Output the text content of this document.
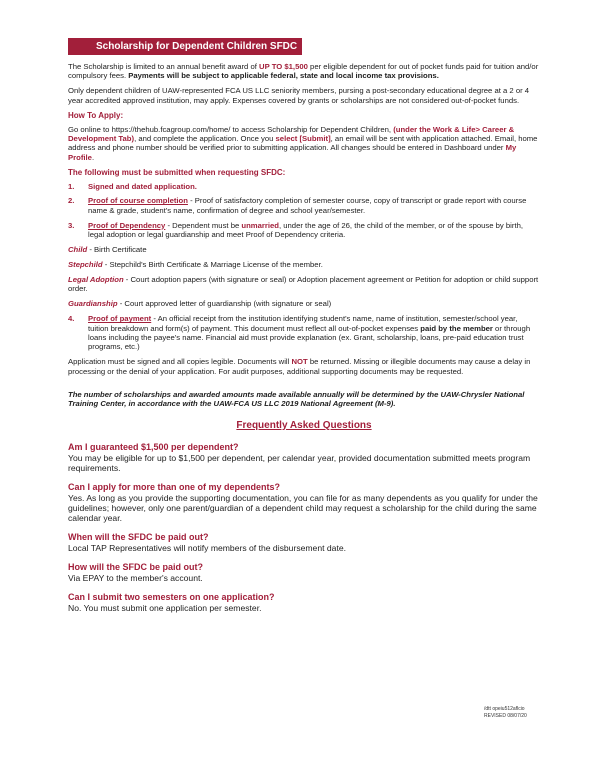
Scholarship for Dependent Children SFDC

The Scholarship is limited to an annual benefit award of UP TO $1,500 per eligible dependent for out of pocket funds paid for tuition and/or compulsory fees. Payments will be subject to applicable federal, state and local income tax provisions.

Only dependent children of UAW-represented FCA US LLC seniority members, pursing a post-secondary educational degree at a 2 or 4 year accredited approved institution, may apply. Expenses covered by grants or scholarships are not considered out-of-pocket funds.

How To Apply:

Go online to https://thehub.fcagroup.com/home/ to access Scholarship for Dependent Children, (under the Work & Life> Career & Development Tab), and complete the application. Once you select [Submit], an email will be sent with application attached. Email, home address and phone number should be verified prior to submitting application. All changes should be entered in Dashboard under My Profile.

The following must be submitted when requesting SFDC:
1.	Signed and dated application.
2.	Proof of course completion - Proof of satisfactory completion of semester course, copy of transcript or grade report with course name & grade, student's name, confirmation of degree and school year/semester.
3.	Proof of Dependency - Dependent must be unmarried, under the age of 26, the child of the member, or of the spouse by birth, legal adoption or legal guardianship and meet Proof of Dependency criteria.

Child - Birth Certificate

Stepchild - Stepchild's Birth Certificate & Marriage License of the member.

Legal Adoption - Court adoption papers (with signature or seal) or Adoption placement agreement or Petition for adoption or child support order.

Guardianship - Court approved letter of guardianship (with signature or seal)

4.	Proof of payment - An official receipt from the institution identifying student's name, name of institution, semester/school year, tuition breakdown and form(s) of payment. This document must reflect all out-of-pocket expenses paid by the member or through loans including the payee's name. Financial aid must provide explanation (ex. Grant, scholarship, loans, pre-paid education trust programs, etc.)

Application must be signed and all copies legible. Documents will NOT be returned. Missing or illegible documents may cause a delay in processing or the denial of your application. For audit purposes, additional supporting documents may be requested.

The number of scholarships and awarded amounts made available annually will be determined by the UAW-Chrysler National Training Center, in accordance with the UAW-FCA US LLC 2019 National Agreement (M-9).

Frequently Asked Questions
Am I guaranteed $1,500 per dependent?
You may be eligible for up to $1,500 per dependent, per calendar year, provided documentation submitted meets program requirements.
Can I apply for more than one of my dependents?
Yes. As long as you provide the supporting documentation, you can file for as many dependents as you qualify for under the guidelines; however, only one parent/guardian of a dependent child may request a scholarship for the child during the same calendar year.
When will the SFDC be paid out?
Local TAP Representatives will notify members of the disbursement date.
How will the SFDC be paid out?
Via EPAY to the member's account.
Can I submit two semesters on one application?
No. You must submit one application per semester.
/dtt opeiu512aflcio
REVISED 08/07/20
